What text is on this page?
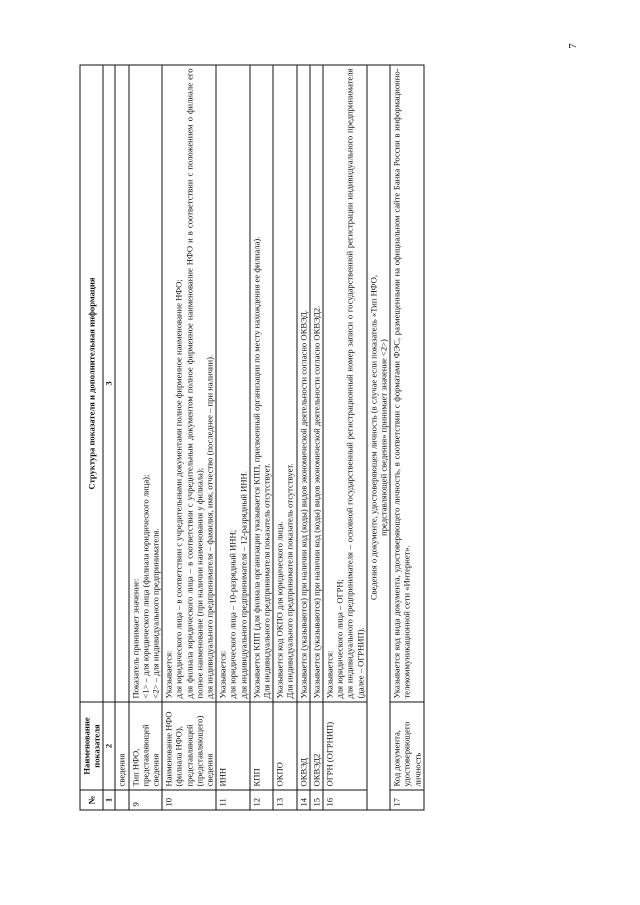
7
№	Наименование показателя	Структура показателя и дополнительная информация
1	2	3
	сведения	
9	Тип НФО, представляющей сведения	Показатель принимает значение: <1> – для юридического лица (филиала юридического лица); <2> – для индивидуального предпринимателя.

10	Наименование НФО (филиала НФО), представляющей (представляющего) сведения	Указывается: для юридического лица – в соответствии с учредительными документами полное фирменное наименование НФО; для филиала юридического лица – в соответствии с учредительным документом полное фирменное наименование НФО и в соответствии с положением о филиале его полное наименование (при наличии наименования у филиала); для индивидуального предпринимателя – фамилия, имя, отчество (последнее – при наличии).

11	ИНН	Указывается: для юридического лица – 10-разрядный ИНН; для индивидуального предпринимателя – 12-разрядный ИНН.

12	КПП	Указывается КПП (для филиала организации указывается КПП, присвоенный организации по месту нахождения ее филиала). Для индивидуального предпринимателя показатель отсутствует.

13	ОКПО	Указывается код ОКПО для юридического лица. Для индивидуального предпринимателя показатель отсутствует.

14	ОКВЭД	Указывается (указываются) при наличии код (коды) видов экономической деятельности согласно ОКВЭД.

15	ОКВЭД2	Указывается (указываются) при наличии код (коды) видов экономической деятельности согласно ОКВЭД2.

16	ОГРН (ОГРНИП)	Указывается: для юридического лица – ОГРН; для индивидуального предпринимателя – основной государственный регистрационный номер записи о государственной регистрации индивидуального предпринимателя (далее – ОГРНИП).

Сведения о документе, удостоверяющем личность (в случае если показатель «Тип НФО, представляющей сведения» принимает значение <2>)		

17	Код документа, удостоверяющего личность	Указывается код вида документа, удостоверяющего личность, в соответствии с форматами ФЭС, размещенными на официальном сайте Банка России в информационно-телекоммуникационной сети «Интернет».
